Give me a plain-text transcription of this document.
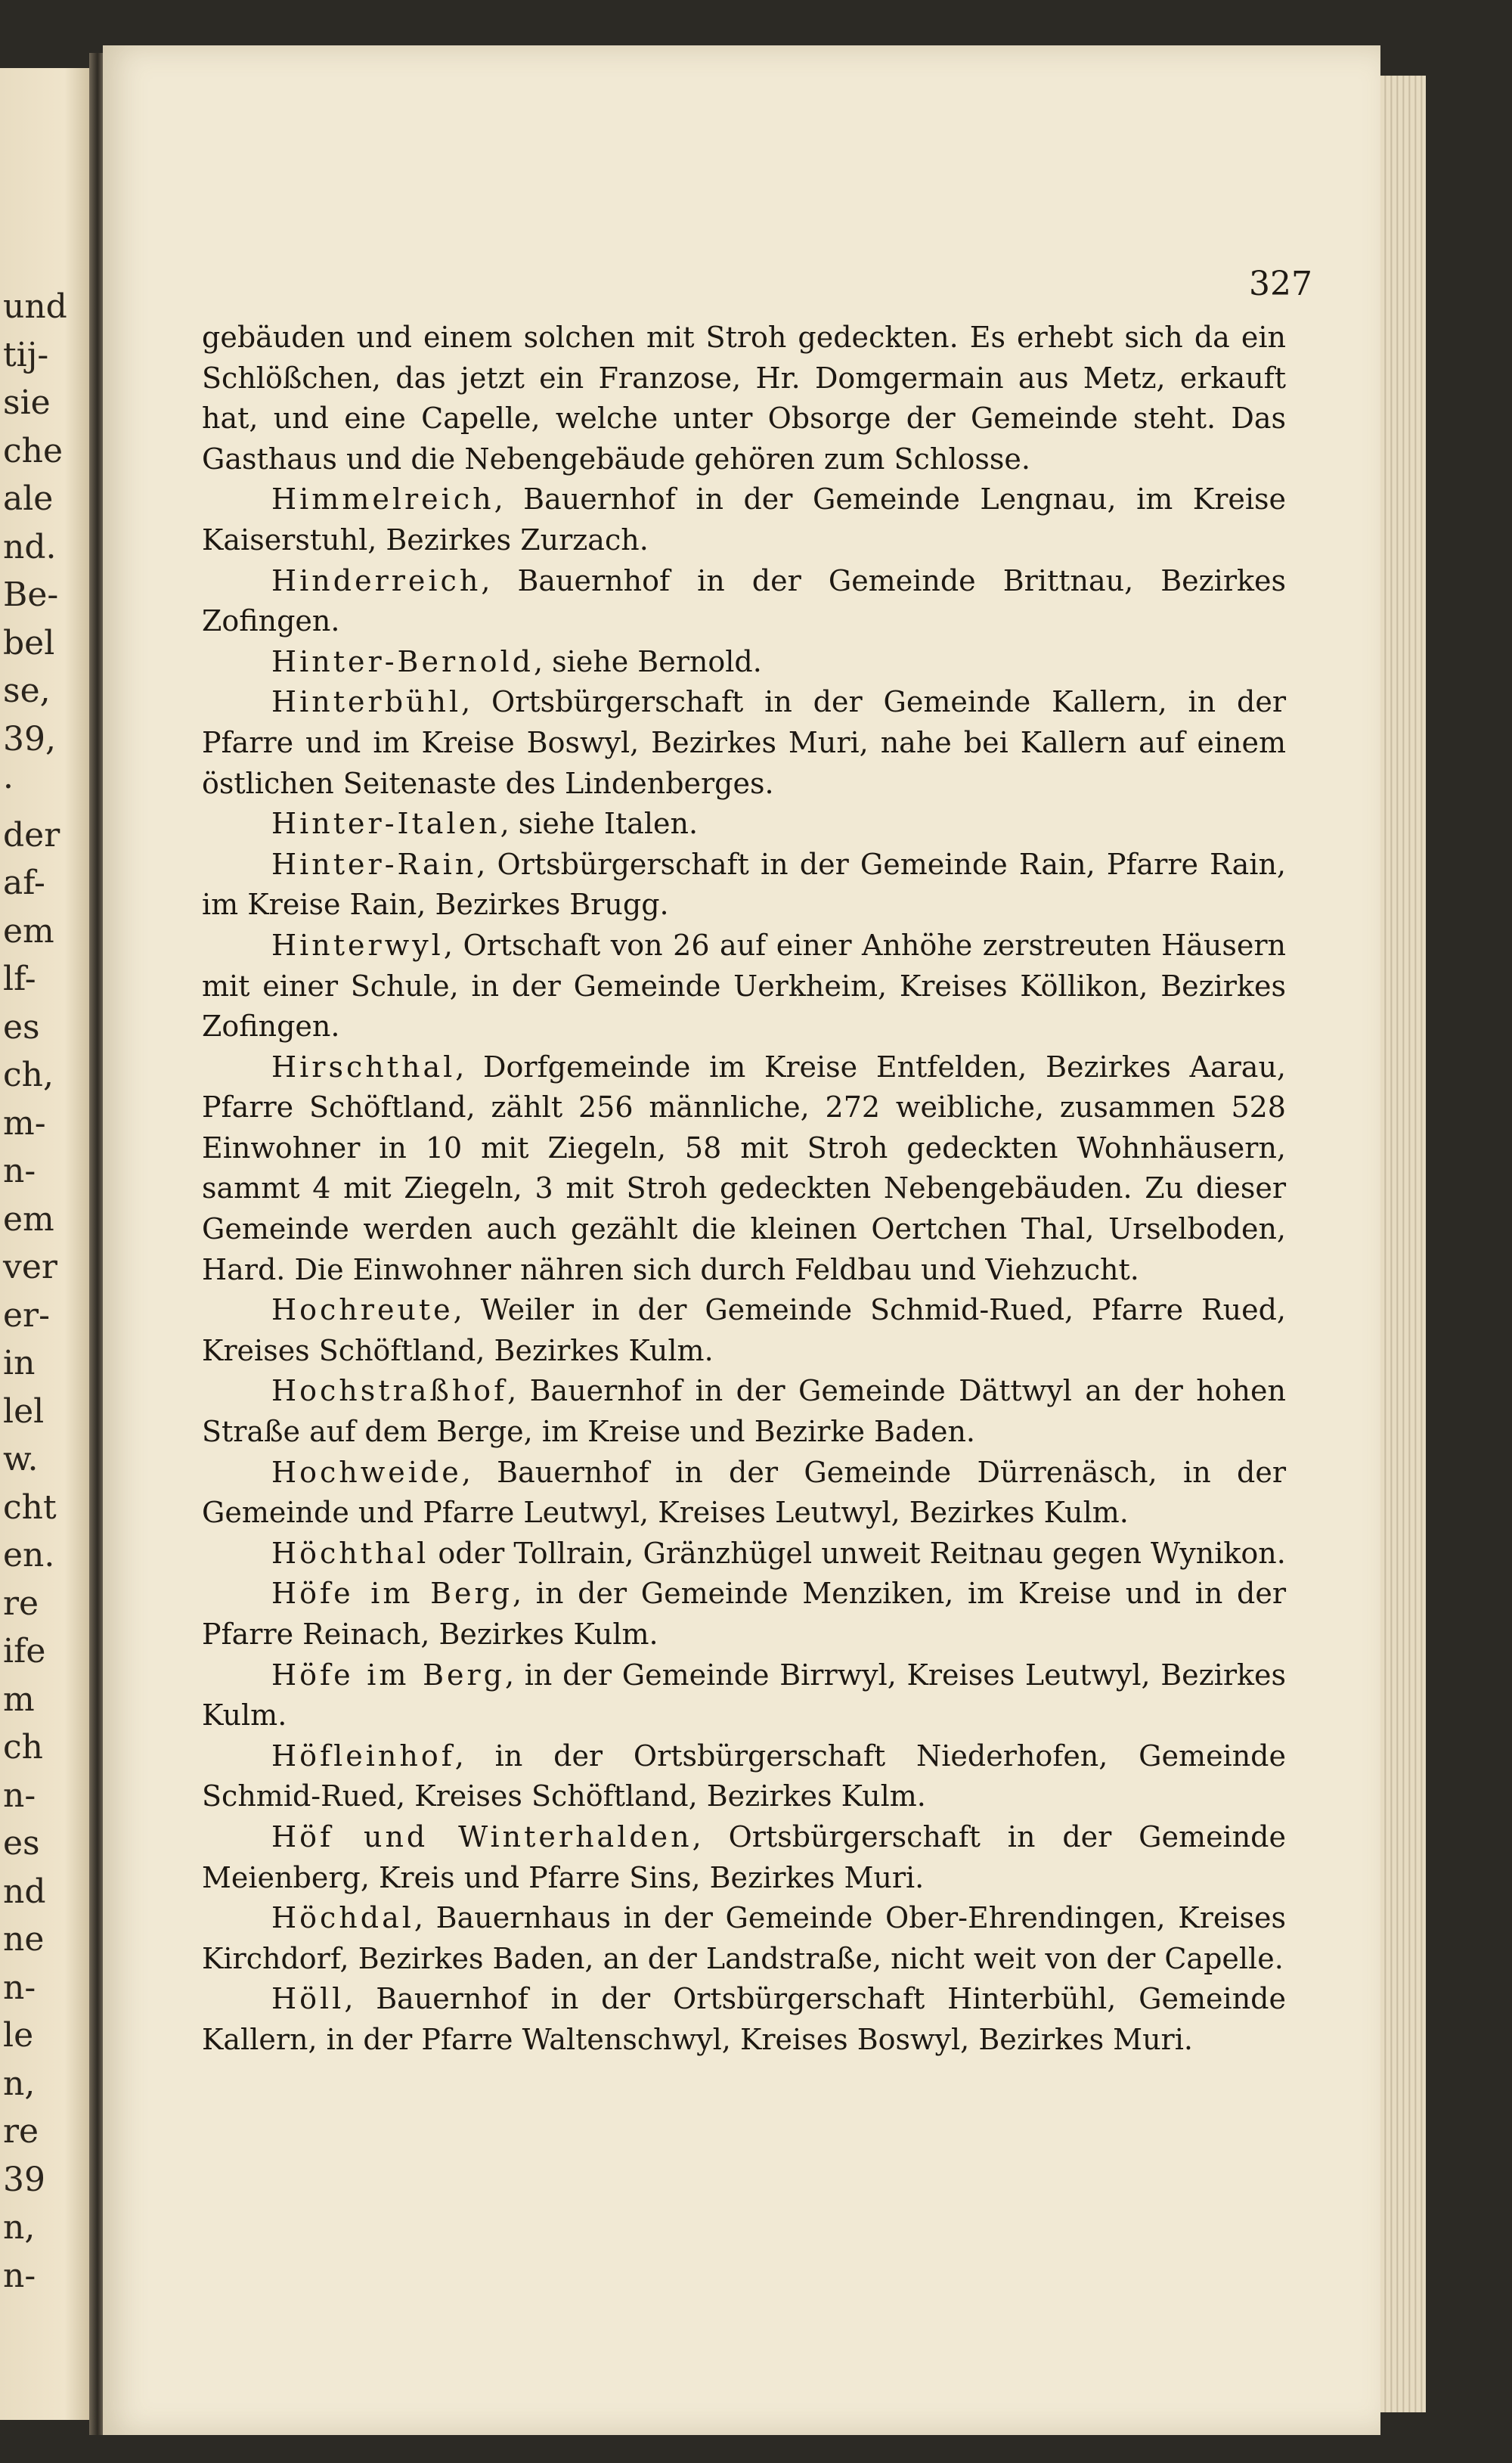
und
tij-
sie
che
ale
nd.
Be-
bel
se,
39,
·
der
af-
em
lf-
es
ch,
m-
n-
em
ver
er-
in
lel
w.
cht
en.
re
ife
m
ch
n-
es
nd
ne
n-
le
n,
re
39
n,
n-
327

gebäuden und einem solchen mit Stroh gedeckten. Es erhebt sich da ein Schlößchen, das jetzt ein Franzose, Hr. Domgermain aus Metz, erkauft hat, und eine Capelle, welche unter Obsorge der Gemeinde steht. Das Gasthaus und die Nebengebäude gehören zum Schlosse.

Himmelreich, Bauernhof in der Gemeinde Lengnau, im Kreise Kaiserstuhl, Bezirkes Zurzach.

Hinderreich, Bauernhof in der Gemeinde Brittnau, Bezirkes Zofingen.

Hinter-Bernold, siehe Bernold.

Hinterbühl, Ortsbürgerschaft in der Gemeinde Kallern, in der Pfarre und im Kreise Boswyl, Bezirkes Muri, nahe bei Kallern auf einem östlichen Seitenaste des Lindenberges.

Hinter-Italen, siehe Italen.

Hinter-Rain, Ortsbürgerschaft in der Gemeinde Rain, Pfarre Rain, im Kreise Rain, Bezirkes Brugg.

Hinterwyl, Ortschaft von 26 auf einer Anhöhe zerstreuten Häusern mit einer Schule, in der Gemeinde Uerkheim, Kreises Köllikon, Bezirkes Zofingen.

Hirschthal, Dorfgemeinde im Kreise Entfelden, Bezirkes Aarau, Pfarre Schöftland, zählt 256 männliche, 272 weibliche, zusammen 528 Einwohner in 10 mit Ziegeln, 58 mit Stroh gedeckten Wohnhäusern, sammt 4 mit Ziegeln, 3 mit Stroh gedeckten Nebengebäuden. Zu dieser Gemeinde werden auch gezählt die kleinen Oertchen Thal, Urselboden, Hard. Die Einwohner nähren sich durch Feldbau und Viehzucht.

Hochreute, Weiler in der Gemeinde Schmid-Rued, Pfarre Rued, Kreises Schöftland, Bezirkes Kulm.

Hochstraßhof, Bauernhof in der Gemeinde Dättwyl an der hohen Straße auf dem Berge, im Kreise und Bezirke Baden.

Hochweide, Bauernhof in der Gemeinde Dürrenäsch, in der Gemeinde und Pfarre Leutwyl, Kreises Leutwyl, Bezirkes Kulm.

Höchthal oder Tollrain, Gränzhügel unweit Reitnau gegen Wynikon.

Höfe im Berg, in der Gemeinde Menziken, im Kreise und in der Pfarre Reinach, Bezirkes Kulm.

Höfe im Berg, in der Gemeinde Birrwyl, Kreises Leutwyl, Bezirkes Kulm.

Höfleinhof, in der Ortsbürgerschaft Niederhofen, Gemeinde Schmid-Rued, Kreises Schöftland, Bezirkes Kulm.

Höf und Winterhalden, Ortsbürgerschaft in der Gemeinde Meienberg, Kreis und Pfarre Sins, Bezirkes Muri.

Höchdal, Bauernhaus in der Gemeinde Ober-Ehrendingen, Kreises Kirchdorf, Bezirkes Baden, an der Landstraße, nicht weit von der Capelle.

Höll, Bauernhof in der Ortsbürgerschaft Hinterbühl, Gemeinde Kallern, in der Pfarre Waltenschwyl, Kreises Boswyl, Bezirkes Muri.
